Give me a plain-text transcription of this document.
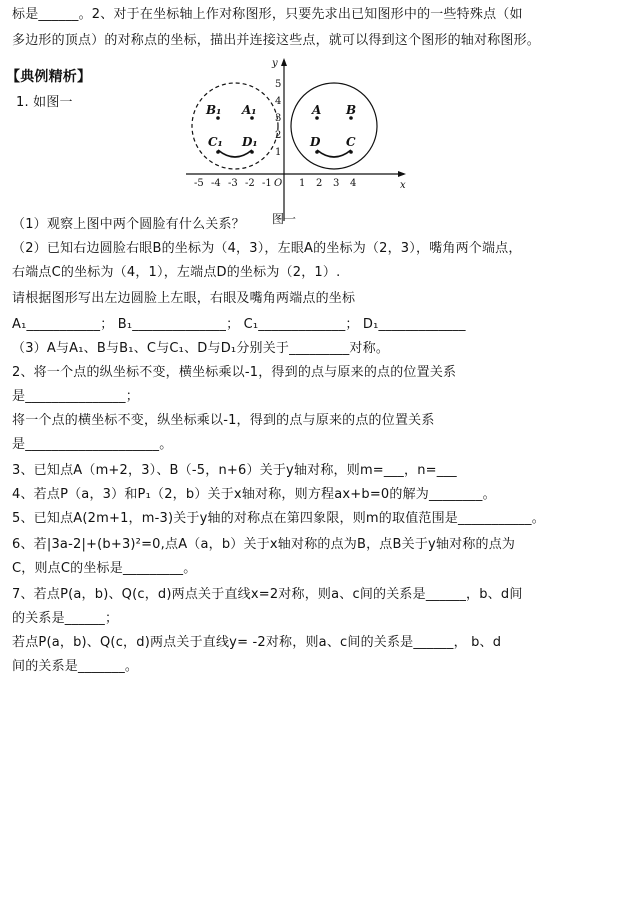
标是______。2、对于在坐标轴上作对称图形，只要先求出已知图形中的一些特殊点（如
多边形的顶点）的对称点的坐标，描出并连接这些点，就可以得到这个图形的轴对称图形。
【典例精析】
1. 如图一
x
y
O
-5 -4 -3 -2 -1	1 2 3 4
1
2
3
4
5
B₁ A₁
C₁ D₁
A B
D C
图一
（1）观察上图中两个圆脸有什么关系？
（2）已知右边圆脸右眼B的坐标为（4，3），左眼A的坐标为（2，3），嘴角两个端点，
右端点C的坐标为（4，1），左端点D的坐标为（2，1）.
请根据图形写出左边圆脸上左眼，右眼及嘴角两端点的坐标
A₁___________； B₁______________； C₁_____________； D₁_____________
（3）A与A₁、B与B₁、C与C₁、D与D₁分别关于_________对称。
2、将一个点的纵坐标不变，横坐标乘以-1，得到的点与原来的点的位置关系
是_______________；
将一个点的横坐标不变，纵坐标乘以-1，得到的点与原来的点的位置关系
是____________________。
3、已知点A（m+2，3）、B（-5，n+6）关于y轴对称，则m=___，n=___
4、若点P（a，3）和P₁（2，b）关于x轴对称，则方程ax+b=0的解为________。
5、已知点A(2m+1，m-3)关于y轴的对称点在第四象限，则m的取值范围是___________。
6、若|3a-2|+(b+3)²=0,点A（a，b）关于x轴对称的点为B，点B关于y轴对称的点为
C，则点C的坐标是_________。
7、若点P(a，b)、Q(c，d)两点关于直线x=2对称，则a、c间的关系是______，b、d间
的关系是______；
若点P(a，b)、Q(c，d)两点关于直线y= -2对称，则a、c间的关系是______， b、d
间的关系是_______。
